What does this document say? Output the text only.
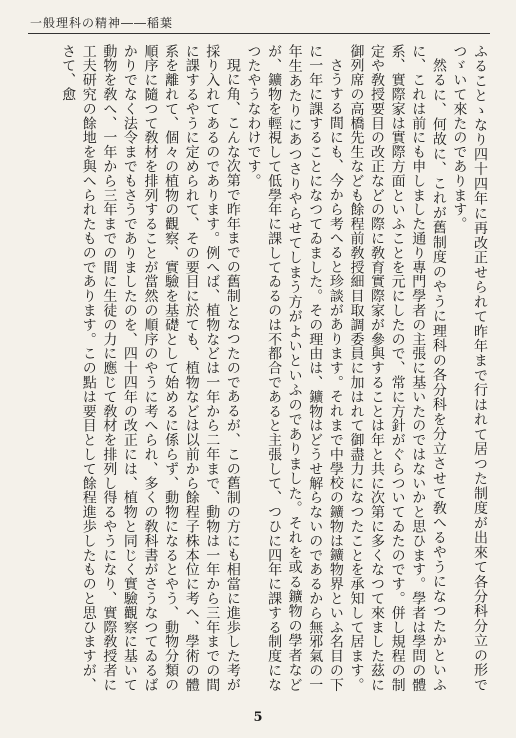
一般理科の精神――稲葉

ふることゝなり四十四年に再改正せられて昨年まで行はれて居つた制度が出來て各分科分立の形でつゞいて來たのであります。

然るに、何故に、これが舊制度のやうに理科の各分科を分立させて敎へるやうになつたかといふに、これは前にも申しました通り專門學者の主張に基いたのではないかと思ひます。學者は學問の體系、實際家は實際方面といふことを元にしたので、常に方針がぐらついてゐたのです。併し規程の制定や敎授要目の改正などの際に敎育實際家が參與することは年と共に次第に多くなつて來ました茲に御列席の高橋先生なども餘程前敎授細目取調委員に加はれて御盡力になつたことを承知して居ます。

さうする間にも、今から考へると珍談があります。それまで中學校の鑛物は鑛物界といふ名目の下に一年に課することになつてゐました。その理由は、鑛物はどうせ解らないのであるから無邪氣の一年生あたりにあつさりやらせてしまう方がよいといふのでありました。それを或る鑛物の學者などが、鑛物を輕視して低學年に課してゐるのは不都合であると主張して、つひに四年に課する制度になつたやうなわけです。

現に角、こんな次第で昨年までの舊制となつたのであるが、この舊制の方にも相當に進歩した考が採り入れてあるのであります。例へば、植物などは一年から二年まで、動物は一年から三年までの間に課するやうに定められて、その要目に於ても、植物などは以前から餘程子株本位に考へ、學術の體系を離れて、個々の植物の觀察、實驗を基礎として始めるに係らず、動物になるとやう、動物分類の順序に隨つて敎材を排列することが當然の順序のやうに考へられ、多くの敎科書がさうなつてゐるばかりでなく法令までもさうでありましたのを、四十四年の改正には、植物と同じく實驗觀察に基いて動物を敎へ、一年から三年までの間に生徒の力に應じて敎材を排列し得るやうになり、實際敎授者に工夫研究の餘地を與へられたものであります。この點は要目として餘程進歩したものと思ひますが、さて、愈

5
